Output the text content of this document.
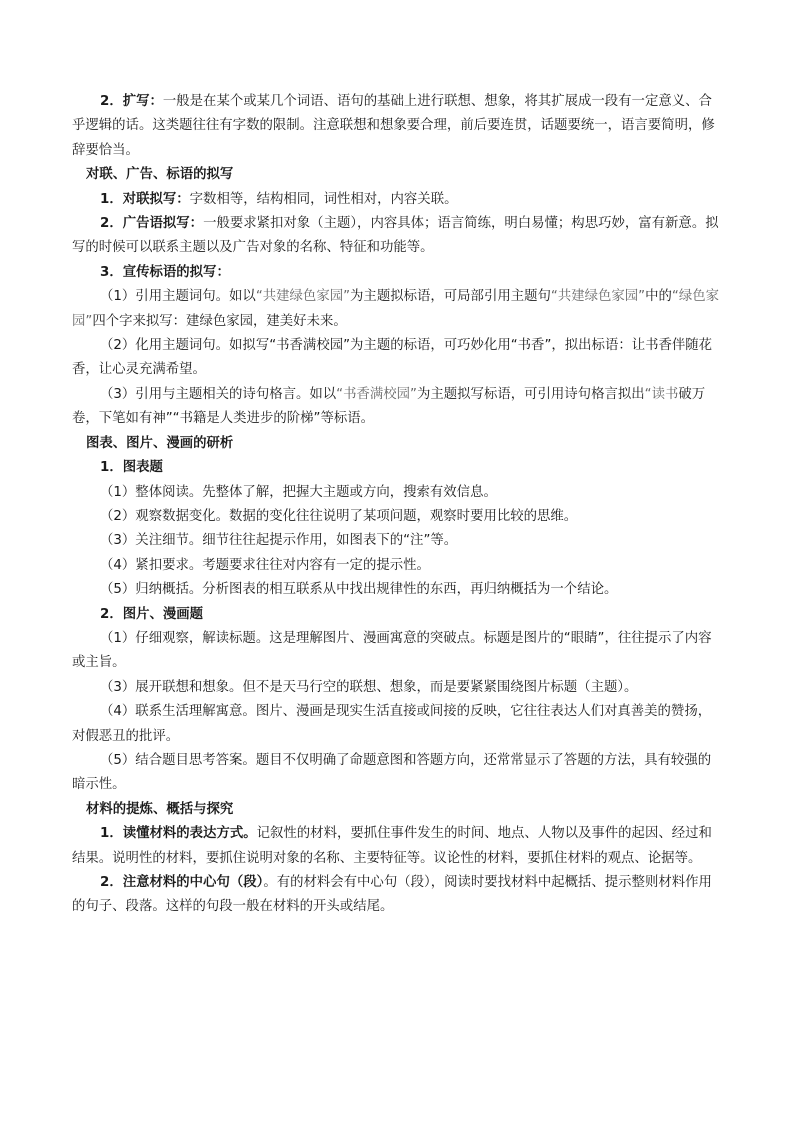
2．扩写：一般是在某个或某几个词语、语句的基础上进行联想、想象，将其扩展成一段有一定意义、合乎逻辑的话。这类题往往有字数的限制。注意联想和想象要合理，前后要连贯，话题要统一，语言要简明，修辞要恰当。

对联、广告、标语的拟写

1．对联拟写：字数相等，结构相同，词性相对，内容关联。

2．广告语拟写：一般要求紧扣对象（主题），内容具体；语言简练，明白易懂；构思巧妙，富有新意。拟写的时候可以联系主题以及广告对象的名称、特征和功能等。

3．宣传标语的拟写：

（1）引用主题词句。如以“共建绿色家园”为主题拟标语，可局部引用主题句“共建绿色家园”中的“绿色家园”四个字来拟写：建绿色家园，建美好未来。

（2）化用主题词句。如拟写“书香满校园”为主题的标语，可巧妙化用“书香”，拟出标语：让书香伴随花香，让心灵充满希望。

（3）引用与主题相关的诗句格言。如以“书香满校园”为主题拟写标语，可引用诗句格言拟出“读书破万卷，下笔如有神”“书籍是人类进步的阶梯”等标语。

图表、图片、漫画的研析

1．图表题

（1）整体阅读。先整体了解，把握大主题或方向，搜索有效信息。

（2）观察数据变化。数据的变化往往说明了某项问题，观察时要用比较的思维。

（3）关注细节。细节往往起提示作用，如图表下的“注”等。

（4）紧扣要求。考题要求往往对内容有一定的提示性。

（5）归纳概括。分析图表的相互联系从中找出规律性的东西，再归纳概括为一个结论。

2．图片、漫画题

（1）仔细观察，解读标题。这是理解图片、漫画寓意的突破点。标题是图片的“眼睛”，往往提示了内容或主旨。

（3）展开联想和想象。但不是天马行空的联想、想象，而是要紧紧围绕图片标题（主题）。

（4）联系生活理解寓意。图片、漫画是现实生活直接或间接的反映，它往往表达人们对真善美的赞扬，对假恶丑的批评。

（5）结合题目思考答案。题目不仅明确了命题意图和答题方向，还常常显示了答题的方法，具有较强的暗示性。

材料的提炼、概括与探究

1．读懂材料的表达方式。记叙性的材料，要抓住事件发生的时间、地点、人物以及事件的起因、经过和结果。说明性的材料，要抓住说明对象的名称、主要特征等。议论性的材料，要抓住材料的观点、论据等。

2．注意材料的中心句（段）。有的材料会有中心句（段），阅读时要找材料中起概括、提示整则材料作用的句子、段落。这样的句段一般在材料的开头或结尾。
